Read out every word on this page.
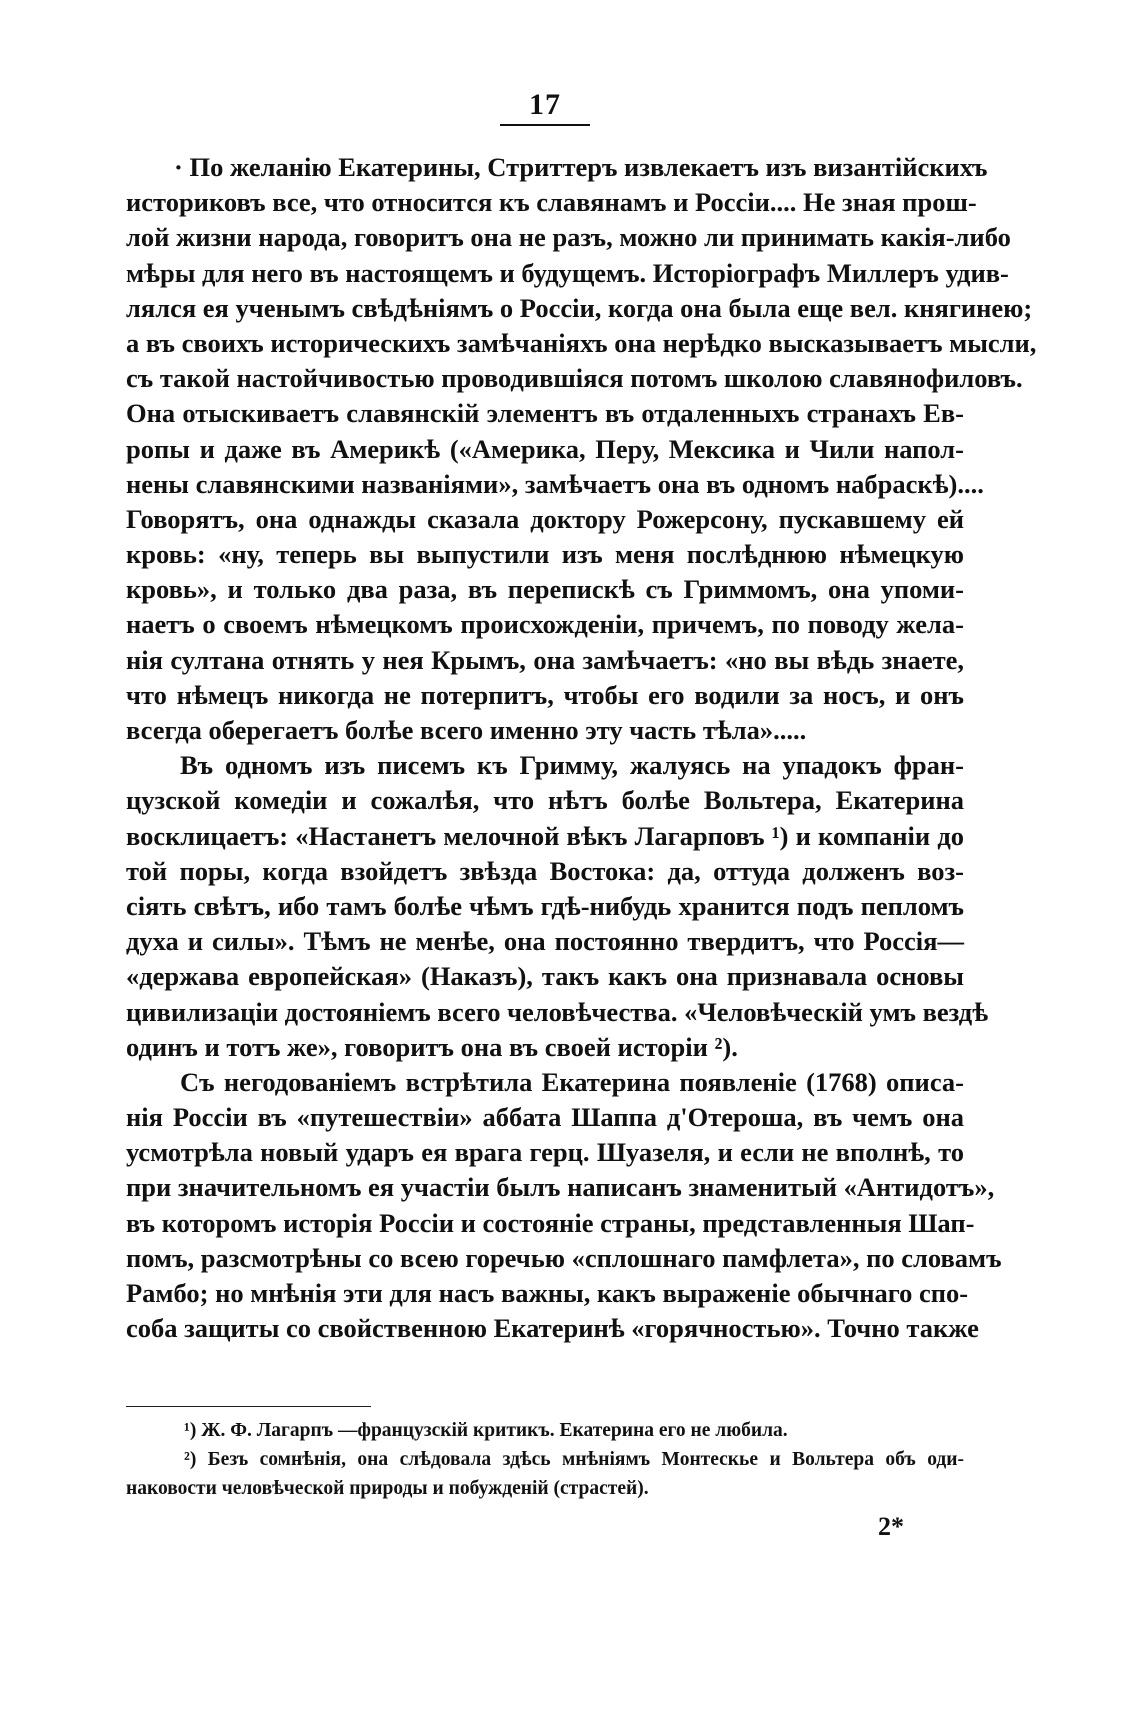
17
· По желанію Екатерины, Стриттеръ извлекаетъ изъ византійскихъ
историковъ все, что относится къ славянамъ и Россіи.... Не зная прош-
лой жизни народа, говоритъ она не разъ, можно ли принимать какія-либо
мѣры для него въ настоящемъ и будущемъ. Исторіографъ Миллеръ удив-
лялся ея ученымъ свѣдѣніямъ о Россіи, когда она была еще вел. княгинею;
а въ своихъ историческихъ замѣчаніяхъ она нерѣдко высказываетъ мысли,
съ такой настойчивостью проводившіяся потомъ школою славянофиловъ.
Она отыскиваетъ славянскій элементъ въ отдаленныхъ странахъ Ев-
ропы и даже въ Америкѣ («Америка, Перу, Мексика и Чили напол-
нены славянскими названіями», замѣчаетъ она въ одномъ набраскѣ)....
Говорятъ, она однажды сказала доктору Рожерсону, пускавшему ей
кровь: «ну, теперь вы выпустили изъ меня послѣднюю нѣмецкую
кровь», и только два раза, въ перепискѣ съ Гриммомъ, она упоми-
наетъ о своемъ нѣмецкомъ происхожденіи, причемъ, по поводу жела-
нія султана отнять у нея Крымъ, она замѣчаетъ: «но вы вѣдь знаете,
что нѣмецъ никогда не потерпитъ, чтобы его водили за носъ, и онъ
всегда оберегаетъ болѣе всего именно эту часть тѣла».....
Въ одномъ изъ писемъ къ Гримму, жалуясь на упадокъ фран-
цузской комедіи и сожалѣя, что нѣтъ болѣе Вольтера, Екатерина
восклицаетъ: «Настанетъ мелочной вѣкъ Лагарповъ ¹) и компаніи до
той поры, когда взойдетъ звѣзда Востока: да, оттуда долженъ воз-
сіять свѣтъ, ибо тамъ болѣе чѣмъ гдѣ-нибудь хранится подъ пепломъ
духа и силы». Тѣмъ не менѣе, она постоянно твердитъ, что Россія—
«держава европейская» (Наказъ), такъ какъ она признавала основы
цивилизаціи достояніемъ всего человѣчества. «Человѣческій умъ вездѣ
одинъ и тотъ же», говоритъ она въ своей исторіи ²).
Съ негодованіемъ встрѣтила Екатерина появленіе (1768) описа-
нія Россіи въ «путешествіи» аббата Шаппа д'Отероша, въ чемъ она
усмотрѣла новый ударъ ея врага герц. Шуазеля, и если не вполнѣ, то
при значительномъ ея участіи былъ написанъ знаменитый «Антидотъ»,
въ которомъ исторія Россіи и состояніе страны, представленныя Шап-
помъ, разсмотрѣны со всею горечью «сплошнаго памфлета», по словамъ
Рамбо; но мнѣнія эти для насъ важны, какъ выраженіе обычнаго спо-
соба защиты со свойственною Екатеринѣ «горячностью». Точно также
¹) Ж. Ф. Лагарпъ —французскій критикъ. Екатерина его не любила.
²) Безъ сомнѣнія, она слѣдовала здѣсь мнѣніямъ Монтескье и Вольтера объ оди-
наковости человѣческой природы и побужденій (страстей).
2*
